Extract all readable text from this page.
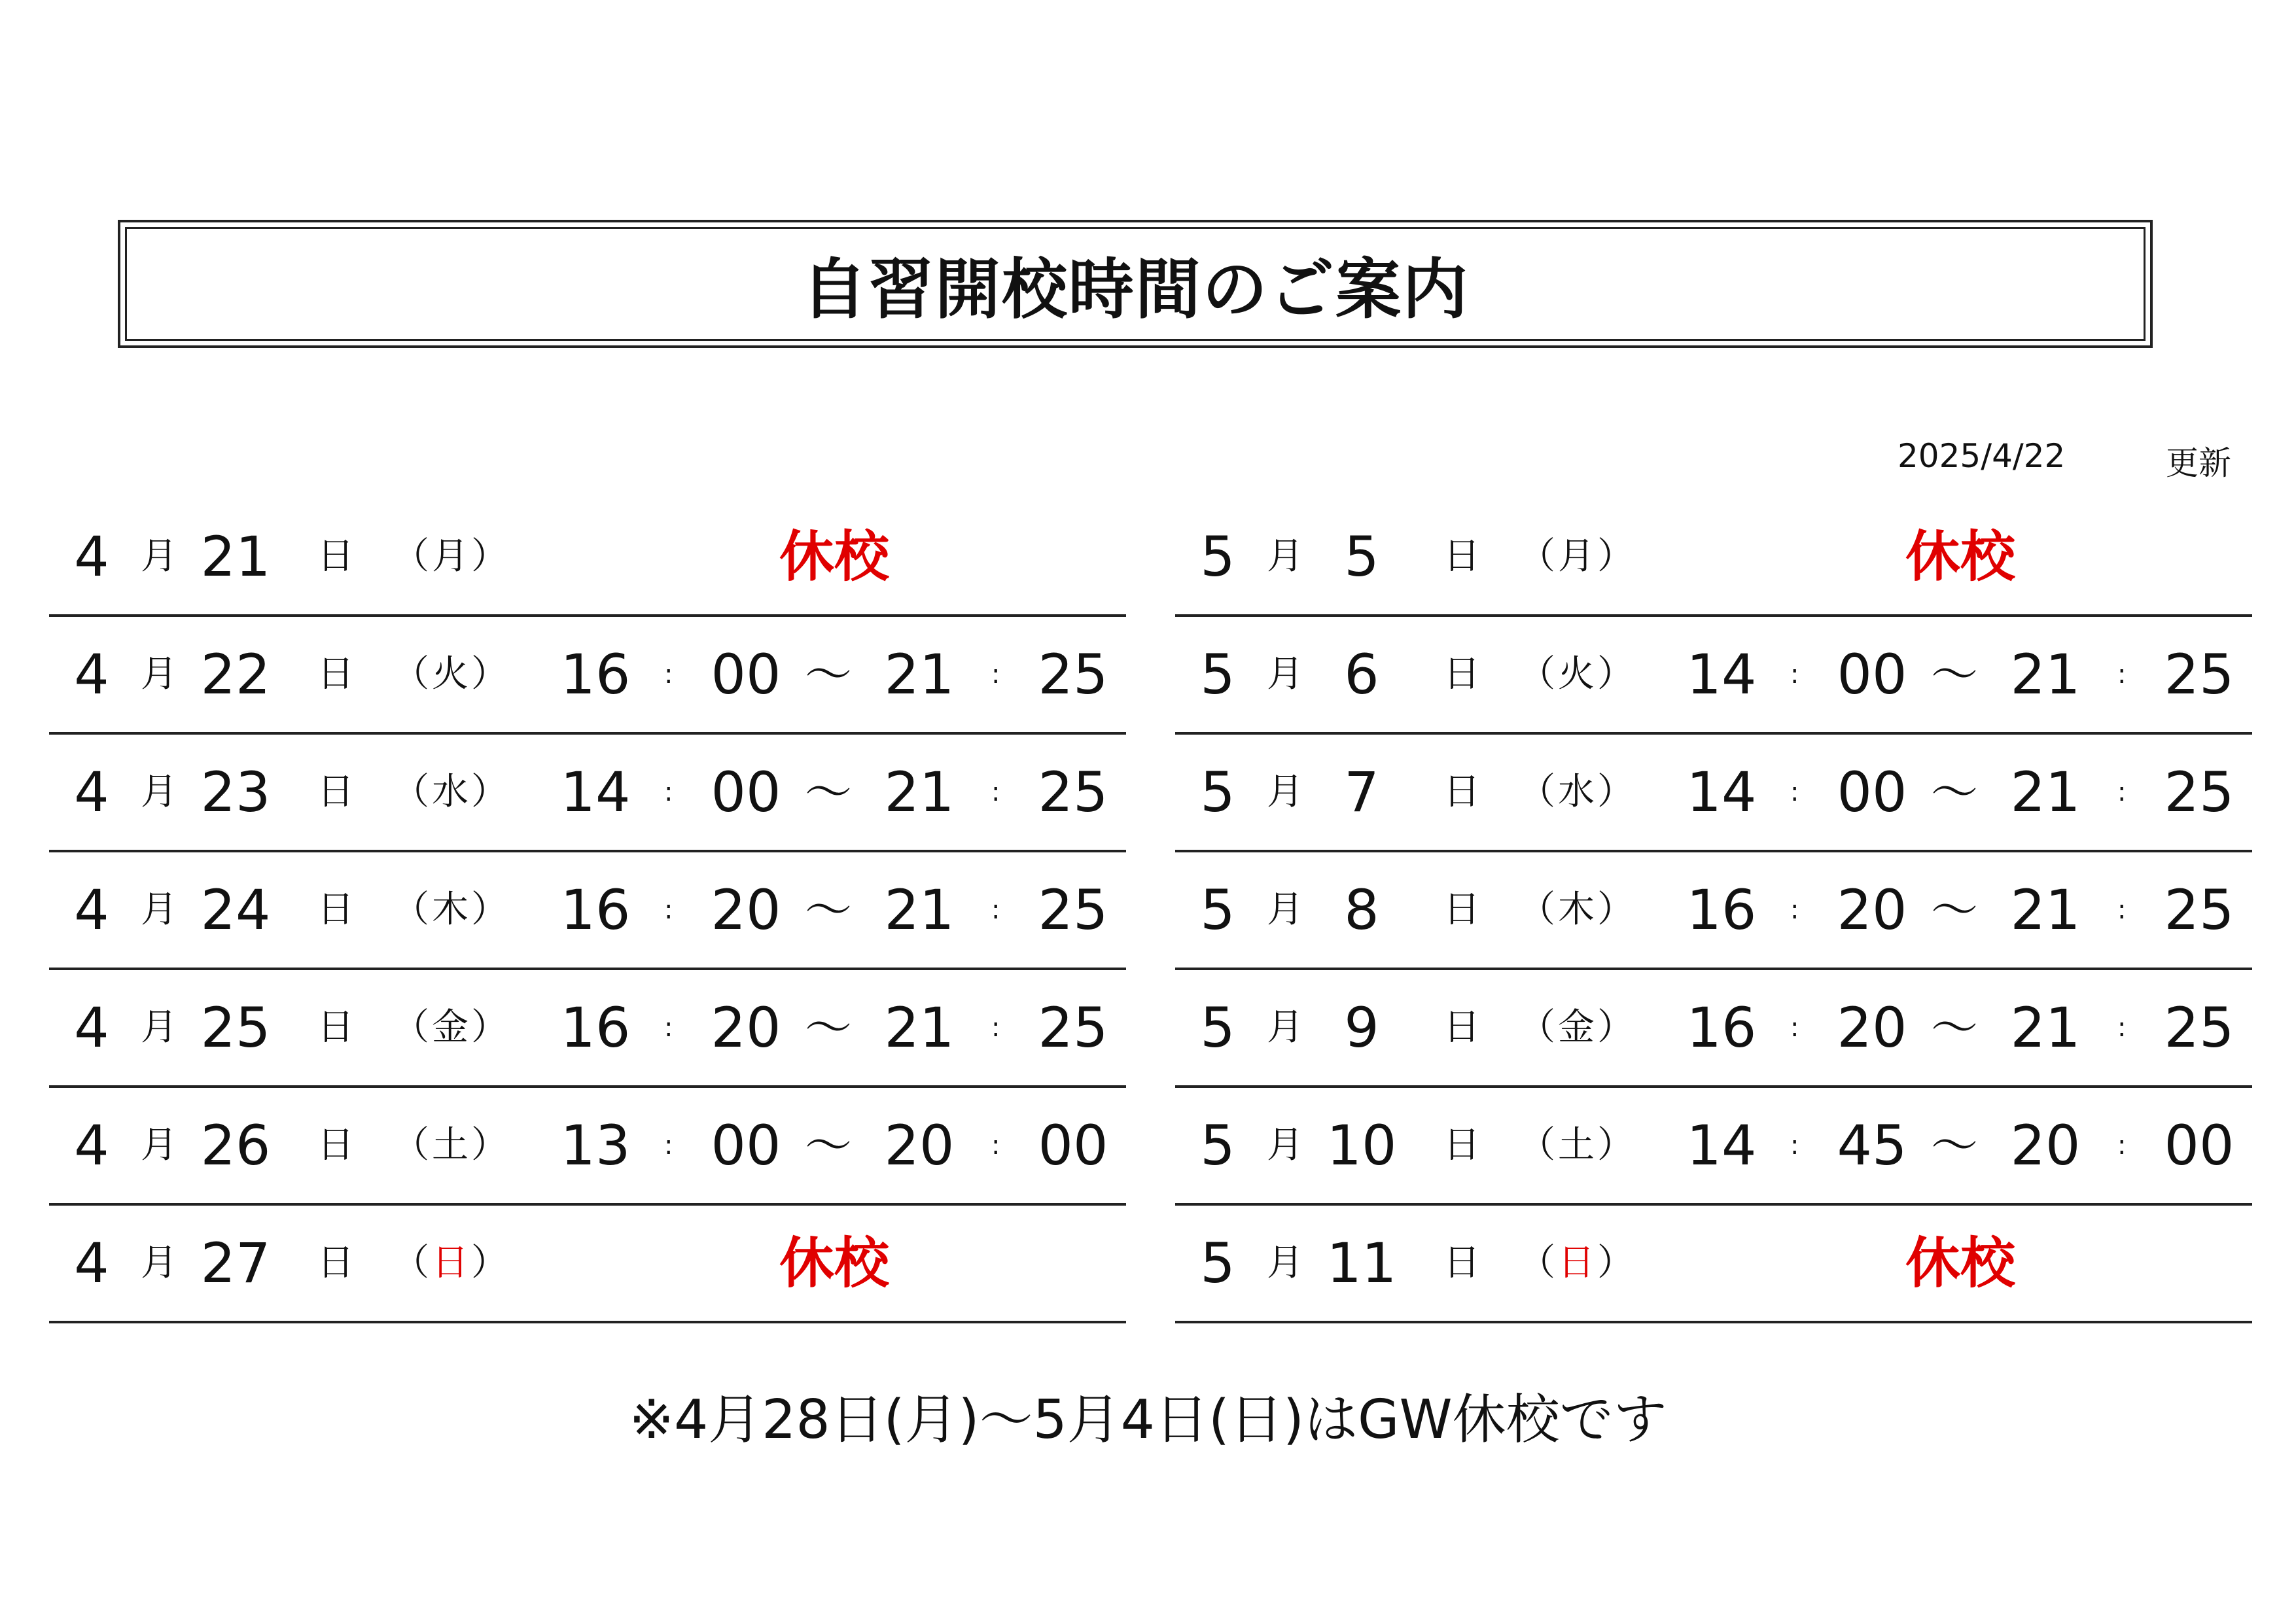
自習開校時間のご案内
2025/4/22	更新
4 月 21 日 （月）	休校
4 月 22 日 （火） 16 : 00 ～ 21 : 25
4 月 23 日 （水） 14 : 00 ～ 21 : 25
4 月 24 日 （木） 16 : 20 ～ 21 : 25
4 月 25 日 （金） 16 : 20 ～ 21 : 25
4 月 26 日 （土） 13 : 00 ～ 20 : 00
4 月 27 日 （日）	休校
5 月 5	日 （月）	休校
5 月 6	日 （火） 14 : 00 ～ 21 : 25
5 月 7	日 （水） 14 : 00 ～ 21 : 25
5 月 8	日 （木） 16 : 20 ～ 21 : 25
5 月 9	日 （金） 16 : 20 ～ 21 : 25
5 月 10 日 （土） 14 : 45 ～ 20 : 00
5 月 11 日 （日）	休校
※4月28日(月)～5月4日(日)はGW休校です
